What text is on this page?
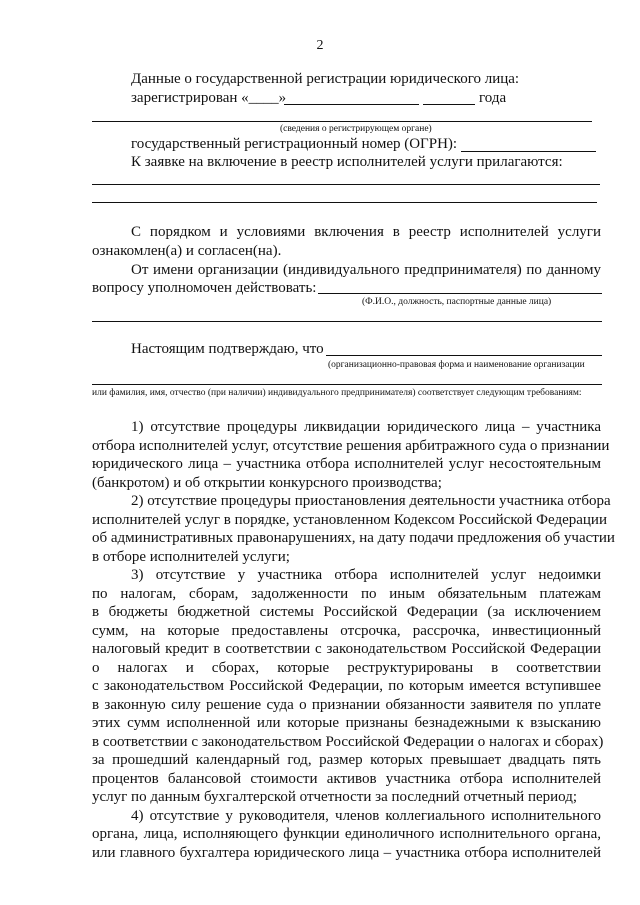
2
Данные о государственной регистрации юридического лица:
зарегистрирован «____»	года
(сведения о регистрирующем органе)
государственный регистрационный номер (ОГРН):
К заявке на включение в реестр исполнителей услуги прилагаются:
С порядком и условиями включения в реестр исполнителей услуги
ознакомлен(а) и согласен(на).
От имени организации (индивидуального предпринимателя) по данному
вопросу уполномочен действовать:
(Ф.И.О., должность, паспортные данные лица)
Настоящим подтверждаю, что
(организационно-правовая форма и наименование организации
или фамилия, имя, отчество (при наличии) индивидуального предпринимателя) соответствует следующим требованиям:
1) отсутствие процедуры ликвидации юридического лица – участника
отбора исполнителей услуг, отсутствие решения арбитражного суда о признании
юридического лица – участника отбора исполнителей услуг несостоятельным
(банкротом) и об открытии конкурсного производства;
2) отсутствие процедуры приостановления деятельности участника отбора
исполнителей услуг в порядке, установленном Кодексом Российской Федерации
об административных правонарушениях, на дату подачи предложения об участии
в отборе исполнителей услуги;
3) отсутствие у участника отбора исполнителей услуг недоимки
по налогам, сборам, задолженности по иным обязательным платежам
в бюджеты бюджетной системы Российской Федерации (за исключением
сумм, на которые предоставлены отсрочка, рассрочка, инвестиционный
налоговый кредит в соответствии с законодательством Российской Федерации
о налогах и сборах, которые реструктурированы в соответствии
с законодательством Российской Федерации, по которым имеется вступившее
в законную силу решение суда о признании обязанности заявителя по уплате
этих сумм исполненной или которые признаны безнадежными к взысканию
в соответствии с законодательством Российской Федерации о налогах и сборах)
за прошедший календарный год, размер которых превышает двадцать пять
процентов балансовой стоимости активов участника отбора исполнителей
услуг по данным бухгалтерской отчетности за последний отчетный период;
4) отсутствие у руководителя, членов коллегиального исполнительного
органа, лица, исполняющего функции единоличного исполнительного органа,
или главного бухгалтера юридического лица – участника отбора исполнителей
